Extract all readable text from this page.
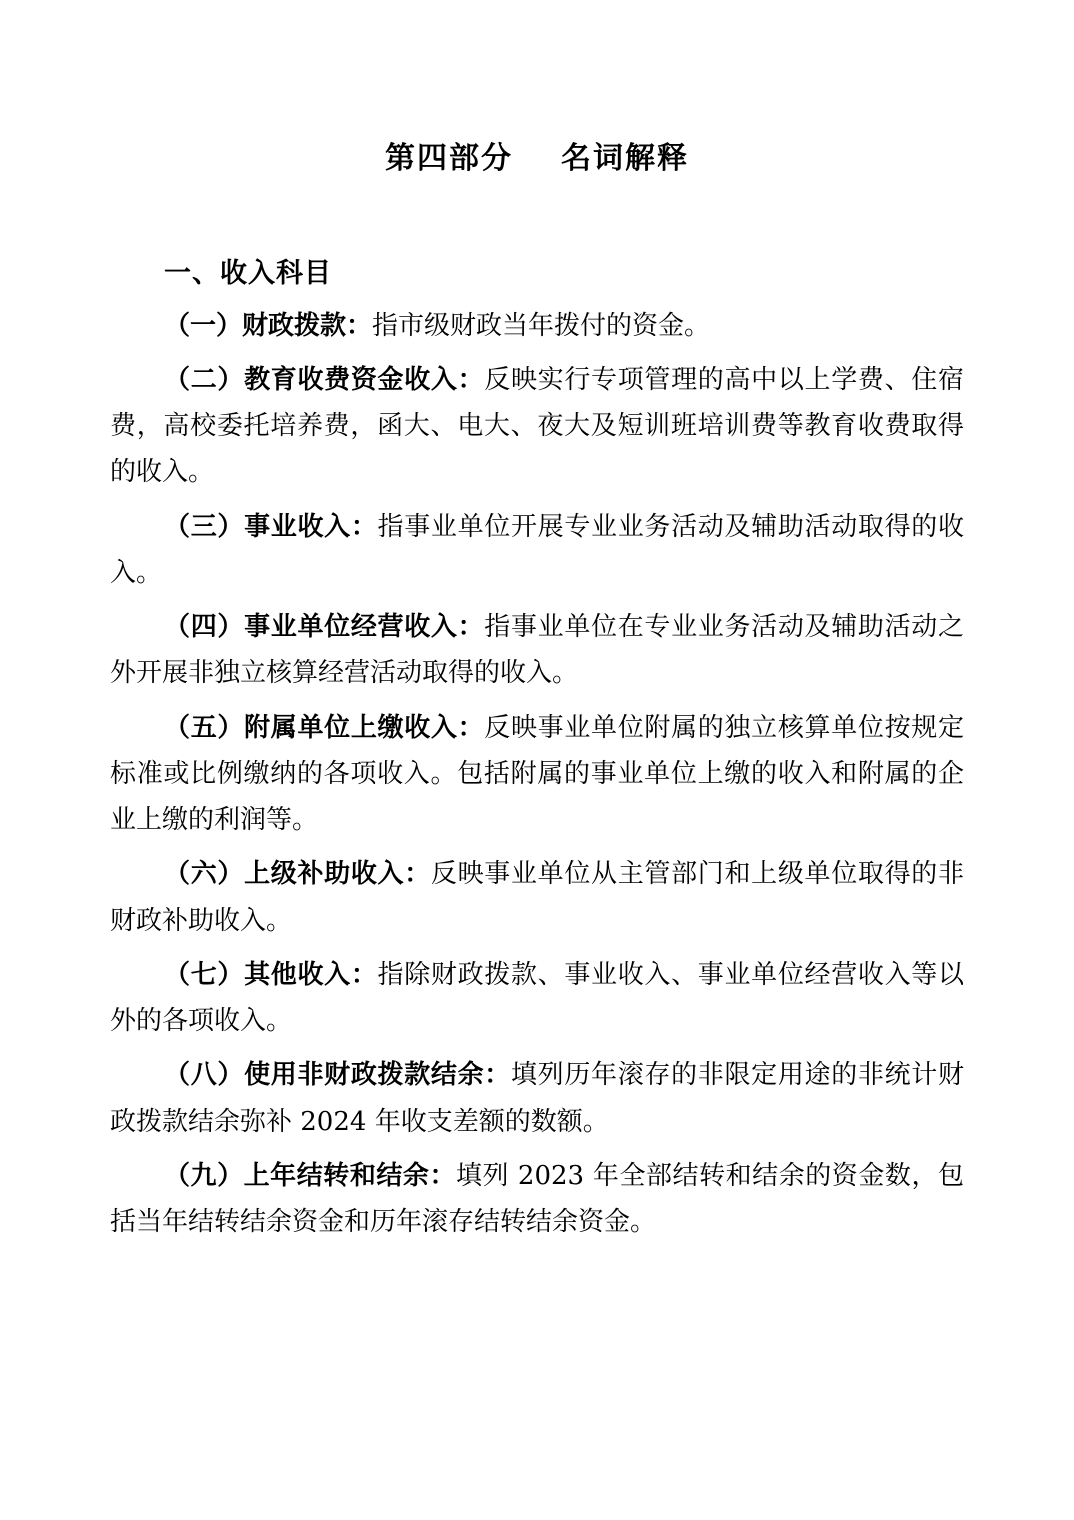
第四部分 名词解释
一、收入科目

（一）财政拨款：指市级财政当年拨付的资金。

（二）教育收费资金收入：反映实行专项管理的高中以上学费、住宿费，高校委托培养费，函大、电大、夜大及短训班培训费等教育收费取得的收入。

（三）事业收入：指事业单位开展专业业务活动及辅助活动取得的收入。

（四）事业单位经营收入：指事业单位在专业业务活动及辅助活动之外开展非独立核算经营活动取得的收入。

（五）附属单位上缴收入：反映事业单位附属的独立核算单位按规定标准或比例缴纳的各项收入。包括附属的事业单位上缴的收入和附属的企业上缴的利润等。

（六）上级补助收入：反映事业单位从主管部门和上级单位取得的非财政补助收入。

（七）其他收入：指除财政拨款、事业收入、事业单位经营收入等以外的各项收入。

（八）使用非财政拨款结余：填列历年滚存的非限定用途的非统计财政拨款结余弥补 2024 年收支差额的数额。

（九）上年结转和结余：填列 2023 年全部结转和结余的资金数，包括当年结转结余资金和历年滚存结转结余资金。
